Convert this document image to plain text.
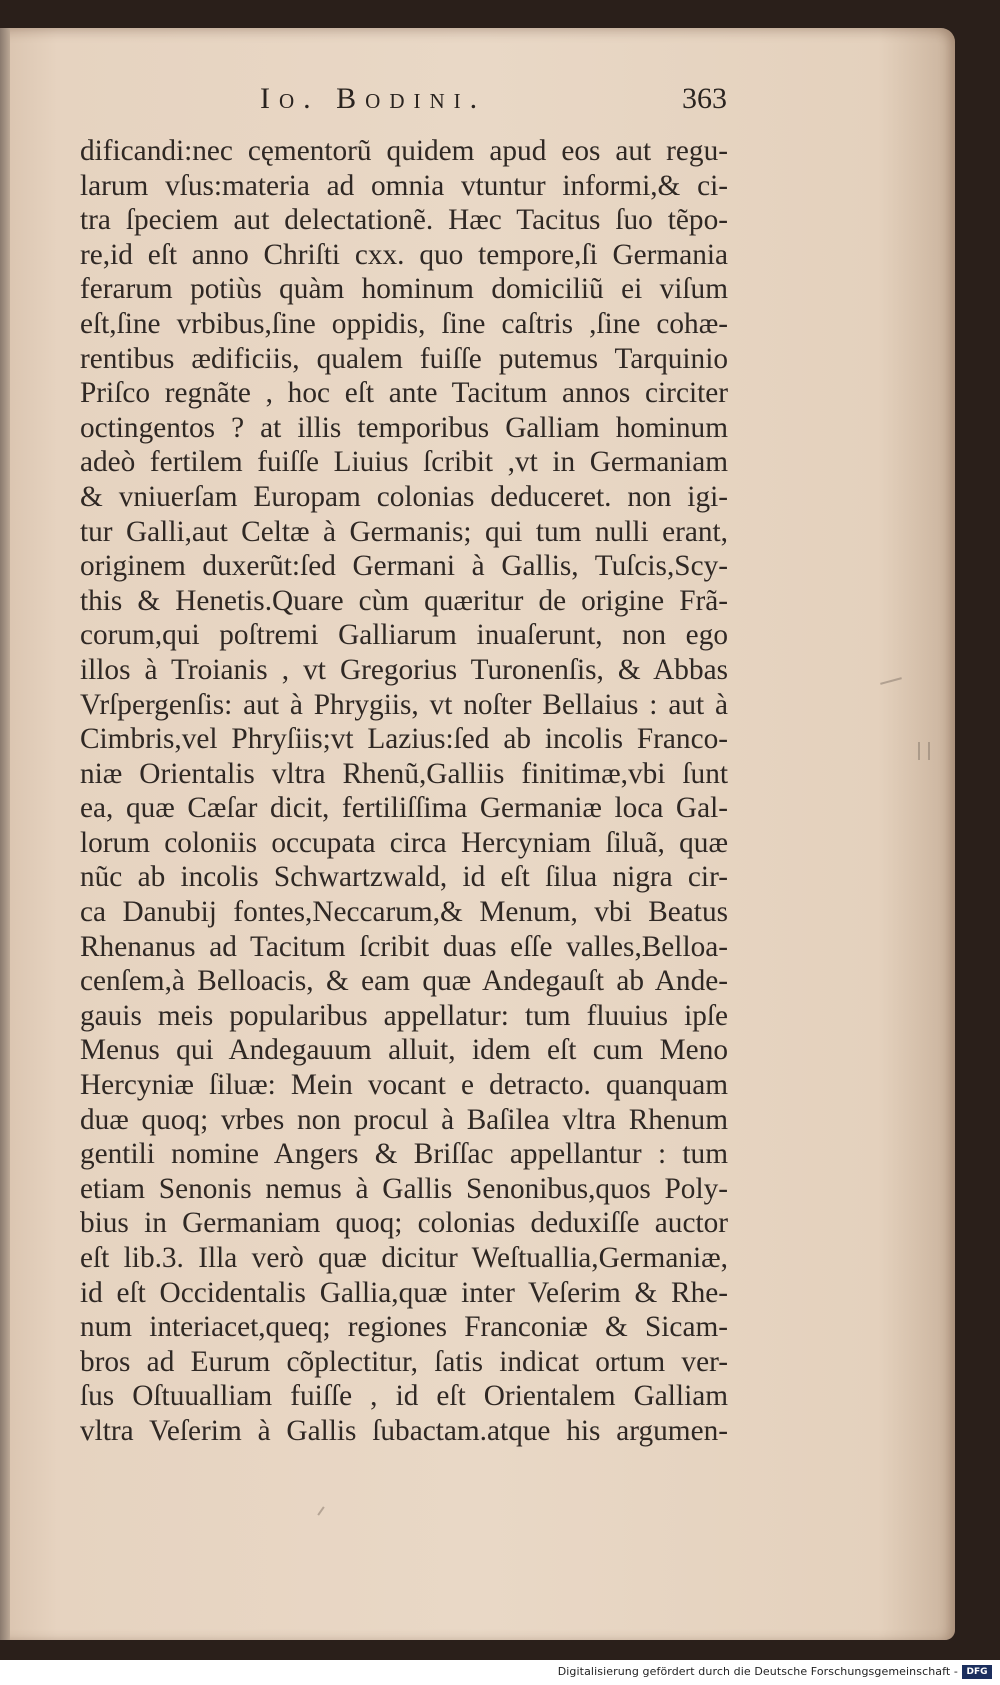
Io. Bodini.	363
dificandi:nec cęmentorũ quidem apud eos aut regu-
larum vſus:materia ad omnia vtuntur informi,& ci-
tra ſpeciem aut delectationẽ. Hæc Tacitus ſuo tẽpo-
re,id eſt anno Chriſti cxx. quo tempore,ſi Germania
ferarum potiùs quàm hominum domiciliũ ei viſum
eſt,ſine vrbibus,ſine oppidis, ſine caſtris ,ſine cohæ-
rentibus ædificiis, qualem fuiſſe putemus Tarquinio
Priſco regnãte , hoc eſt ante Tacitum annos circiter
octingentos ? at illis temporibus Galliam hominum
adeò fertilem fuiſſe Liuius ſcribit ,vt in Germaniam
& vniuerſam Europam colonias deduceret. non igi-
tur Galli,aut Celtæ à Germanis; qui tum nulli erant,
originem duxerũt:ſed Germani à Gallis, Tuſcis,Scy-
this & Henetis.Quare cùm quæritur de origine Frã-
corum,qui poſtremi Galliarum inuaſerunt, non ego
illos à Troianis , vt Gregorius Turonenſis, & Abbas
Vrſpergenſis: aut à Phrygiis, vt noſter Bellaius : aut à
Cimbris,vel Phryſiis;vt Lazius:ſed ab incolis Franco-
niæ Orientalis vltra Rhenũ,Galliis finitimæ,vbi ſunt
ea, quæ Cæſar dicit, fertiliſſima Germaniæ loca Gal-
lorum coloniis occupata circa Hercyniam ſiluã, quæ
nũc ab incolis Schwartzwald, id eſt ſilua nigra cir-
ca Danubij fontes,Neccarum,& Menum, vbi Beatus
Rhenanus ad Tacitum ſcribit duas eſſe valles,Belloa-
cenſem,à Belloacis, & eam quæ Andegauſt ab Ande-
gauis meis popularibus appellatur: tum fluuius ipſe
Menus qui Andegauum alluit, idem eſt cum Meno
Hercyniæ ſiluæ: Mein vocant e detracto. quanquam
duæ quoq; vrbes non procul à Baſilea vltra Rhenum
gentili nomine Angers & Briſſac appellantur : tum
etiam Senonis nemus à Gallis Senonibus,quos Poly-
bius in Germaniam quoq; colonias deduxiſſe auctor
eſt lib.3. Illa verò quæ dicitur Weſtuallia,Germaniæ,
id eſt Occidentalis Gallia,quæ inter Veſerim & Rhe-
num interiacet,queq; regiones Franconiæ & Sicam-
bros ad Eurum cõplectitur, ſatis indicat ortum ver-
ſus Oſtuualliam fuiſſe , id eſt Orientalem Galliam
vltra Veſerim à Gallis ſubactam.atque his argumen-
Digitalisierung gefördert durch die Deutsche Forschungsgemeinschaft - DFG
